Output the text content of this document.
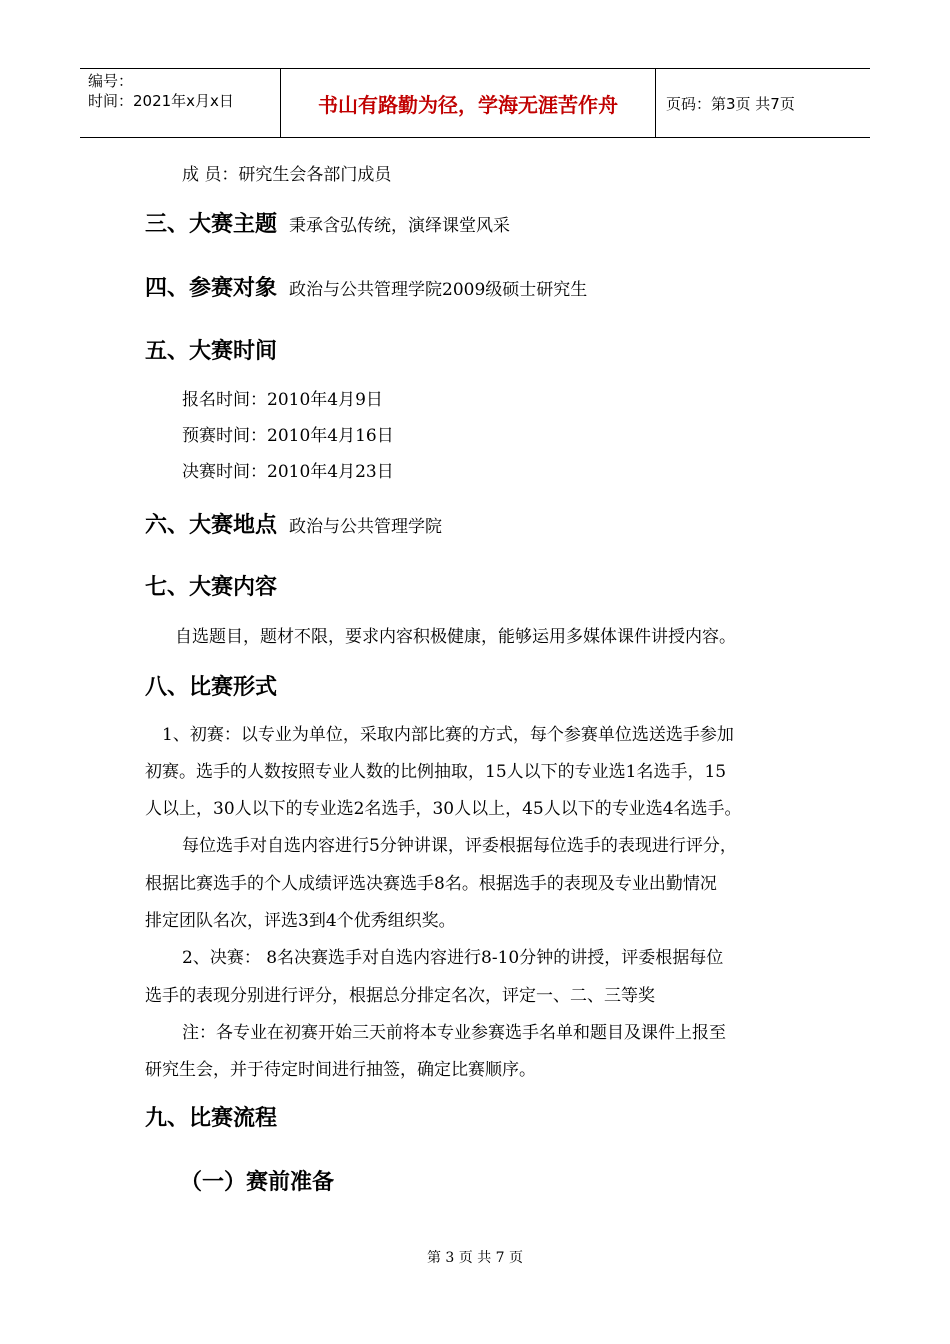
编号：
时间：2021年x月x日	书山有路勤为径，学海无涯苦作舟	页码：第3页 共7页
成 员：研究生会各部门成员
三、大赛主题 秉承含弘传统，演绎课堂风采
四、参赛对象 政治与公共管理学院2009级硕士研究生
五、大赛时间
报名时间：2010年4月9日
预赛时间：2010年4月16日
决赛时间：2010年4月23日
六、大赛地点 政治与公共管理学院
七、大赛内容
自选题目，题材不限，要求内容积极健康，能够运用多媒体课件讲授内容。
八、比赛形式
1、初赛：以专业为单位，采取内部比赛的方式，每个参赛单位选送选手参加
初赛。选手的人数按照专业人数的比例抽取，15人以下的专业选1名选手，15
人以上，30人以下的专业选2名选手，30人以上，45人以下的专业选4名选手。
每位选手对自选内容进行5分钟讲课，评委根据每位选手的表现进行评分，
根据比赛选手的个人成绩评选决赛选手8名。根据选手的表现及专业出勤情况
排定团队名次，评选3到4个优秀组织奖。
2、决赛： 8名决赛选手对自选内容进行8-10分钟的讲授，评委根据每位
选手的表现分别进行评分，根据总分排定名次，评定一、二、三等奖
注：各专业在初赛开始三天前将本专业参赛选手名单和题目及课件上报至
研究生会，并于待定时间进行抽签，确定比赛顺序。
九、比赛流程
（一）赛前准备
第 3 页 共 7 页
